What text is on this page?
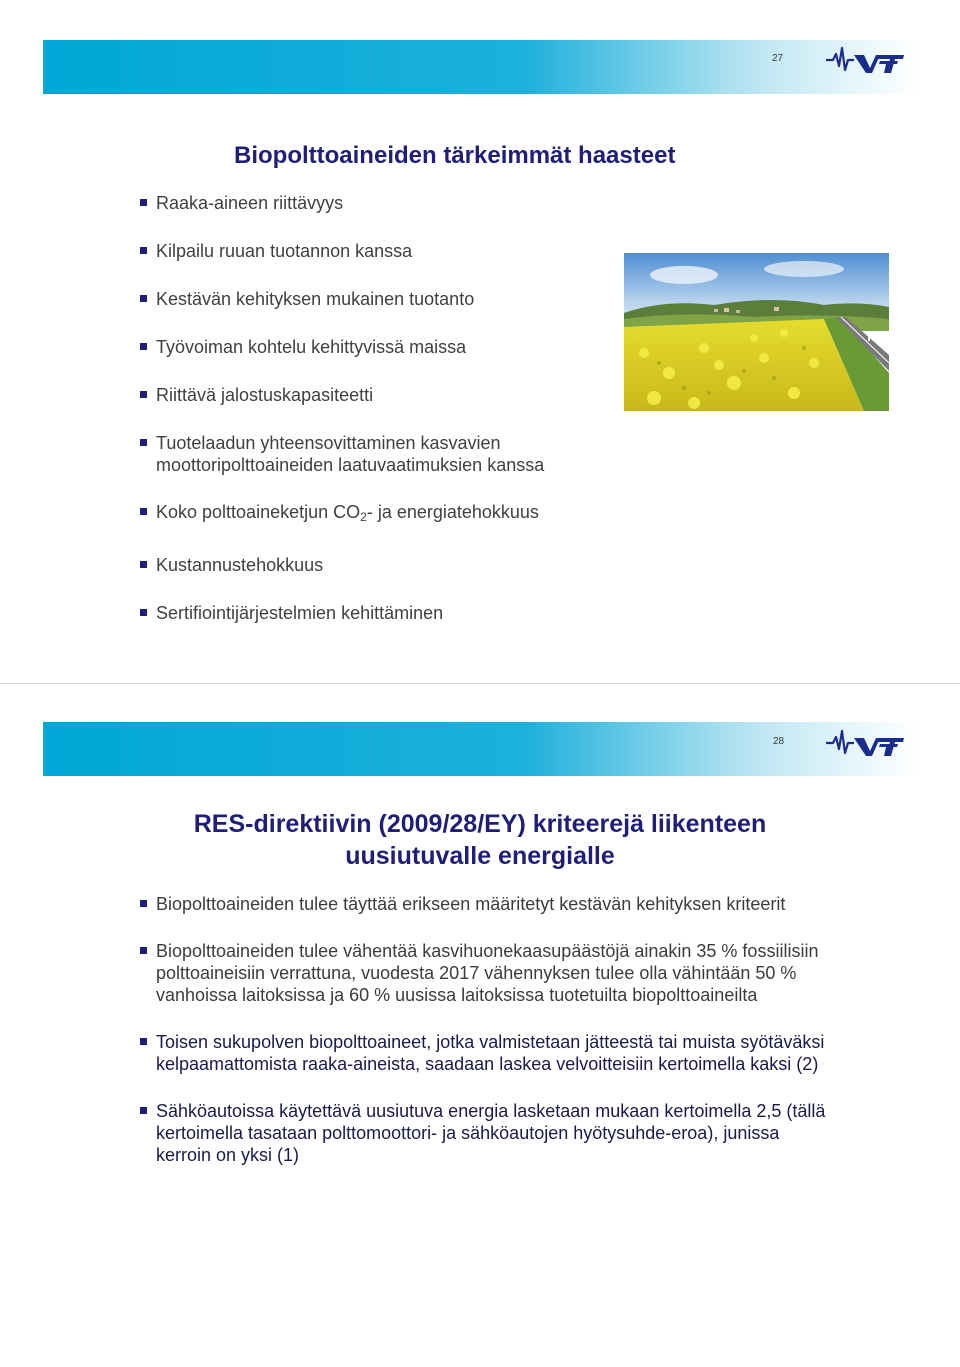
27
Biopolttoaineiden tärkeimmät haasteet
Raaka-aineen riittävyys
Kilpailu ruuan tuotannon kanssa
Kestävän kehityksen mukainen tuotanto
Työvoiman kohtelu kehittyvissä maissa
Riittävä jalostuskapasiteetti
Tuotelaadun yhteensovittaminen kasvavien moottoripolttoaineiden laatuvaatimuksien kanssa
Koko polttoaineketjun $CO_2-$ ja energiatehokkuus
Kustannustehokkuus
Sertifiointijärjestelmien kehittäminen
28
RES-direktiivin (2009/28/EY) kriteerejä liikenteen uusiutuvalle energialle
Biopolttoaineiden tulee täyttää erikseen määritetyt kestävän kehityksen kriteerit
Biopolttoaineiden tulee vähentää kasvihuonekaasupäästöjä ainakin 35 % fossiilisiin polttoaineisiin verrattuna, vuodesta 2017 vähennyksen tulee olla vähintään 50 % vanhoissa laitoksissa ja 60 % uusissa laitoksissa tuotetuilta biopolttoaineilta
Toisen sukupolven biopolttoaineet, jotka valmistetaan jätteestä tai muista syötäväksi kelpaamattomista raaka-aineista, saadaan laskea velvoitteisiin kertoimella kaksi (2)
Sähköautoissa käytettävä uusiutuva energia lasketaan mukaan kertoimella 2,5 (tällä kertoimella tasataan polttomoottori- ja sähköautojen hyötysuhde-eroa), junissa kerroin on yksi (1)
